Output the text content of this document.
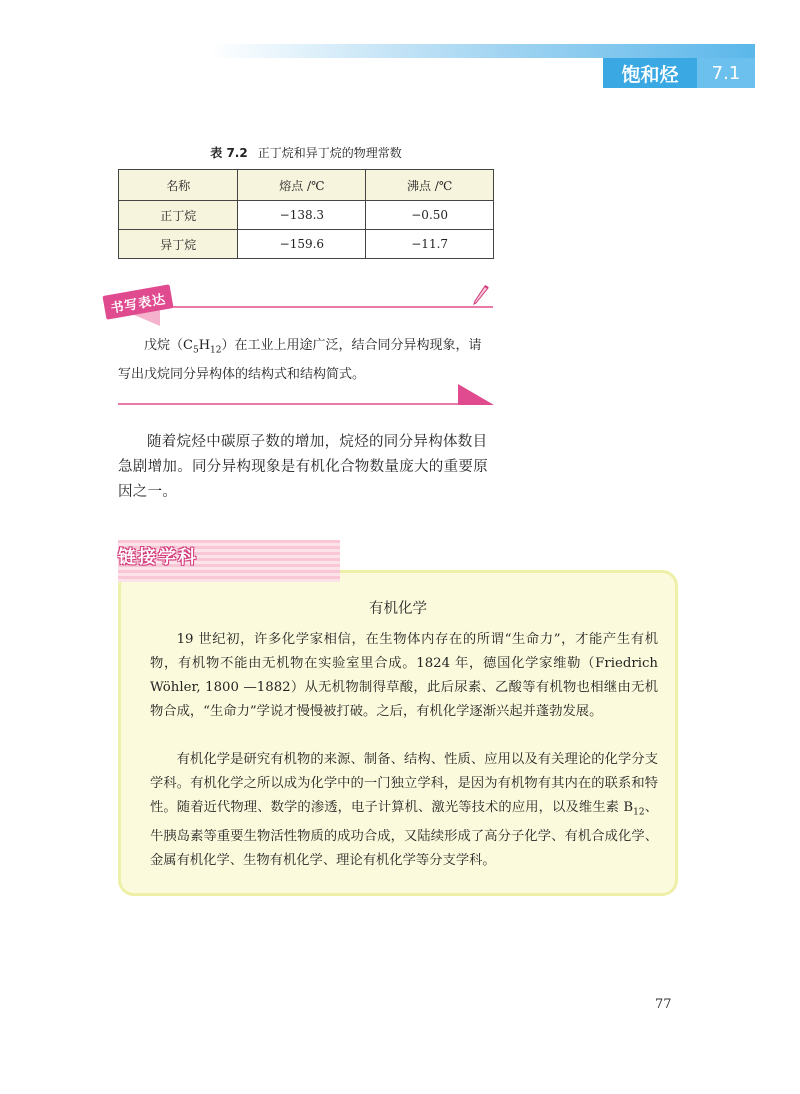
饱和烃	7.1
表 7.2 正丁烷和异丁烷的物理常数
名称	熔点 /℃	沸点 /℃
正丁烷	−138.3	−0.50
异丁烷	−159.6	−11.7
书写表达
戊烷$(C_5H_{12})$在工业上用途广泛，结合同分异构现象，请写出戊烷同分异构体的结构式和结构简式。
随着烷烃中碳原子数的增加，烷烃的同分异构体数目急剧增加。同分异构现象是有机化合物数量庞大的重要原因之一。
链接学科
有机化学
19 世纪初，许多化学家相信，在生物体内存在的所谓“生命力”，才能产生有机物，有机物不能由无机物在实验室里合成。1824 年，德国化学家维勒（Friedrich Wöhler, 1800 —1882）从无机物制得草酸，此后尿素、乙酸等有机物也相继由无机物合成，“生命力”学说才慢慢被打破。之后，有机化学逐渐兴起并蓬勃发展。
有机化学是研究有机物的来源、制备、结构、性质、应用以及有关理论的化学分支学科。有机化学之所以成为化学中的一门独立学科，是因为有机物有其内在的联系和特性。随着近代物理、数学的渗透，电子计算机、激光等技术的应用，以及维生素 $B_{12}$、牛胰岛素等重要生物活性物质的成功合成，又陆续形成了高分子化学、有机合成化学、金属有机化学、生物有机化学、理论有机化学等分支学科。
77
